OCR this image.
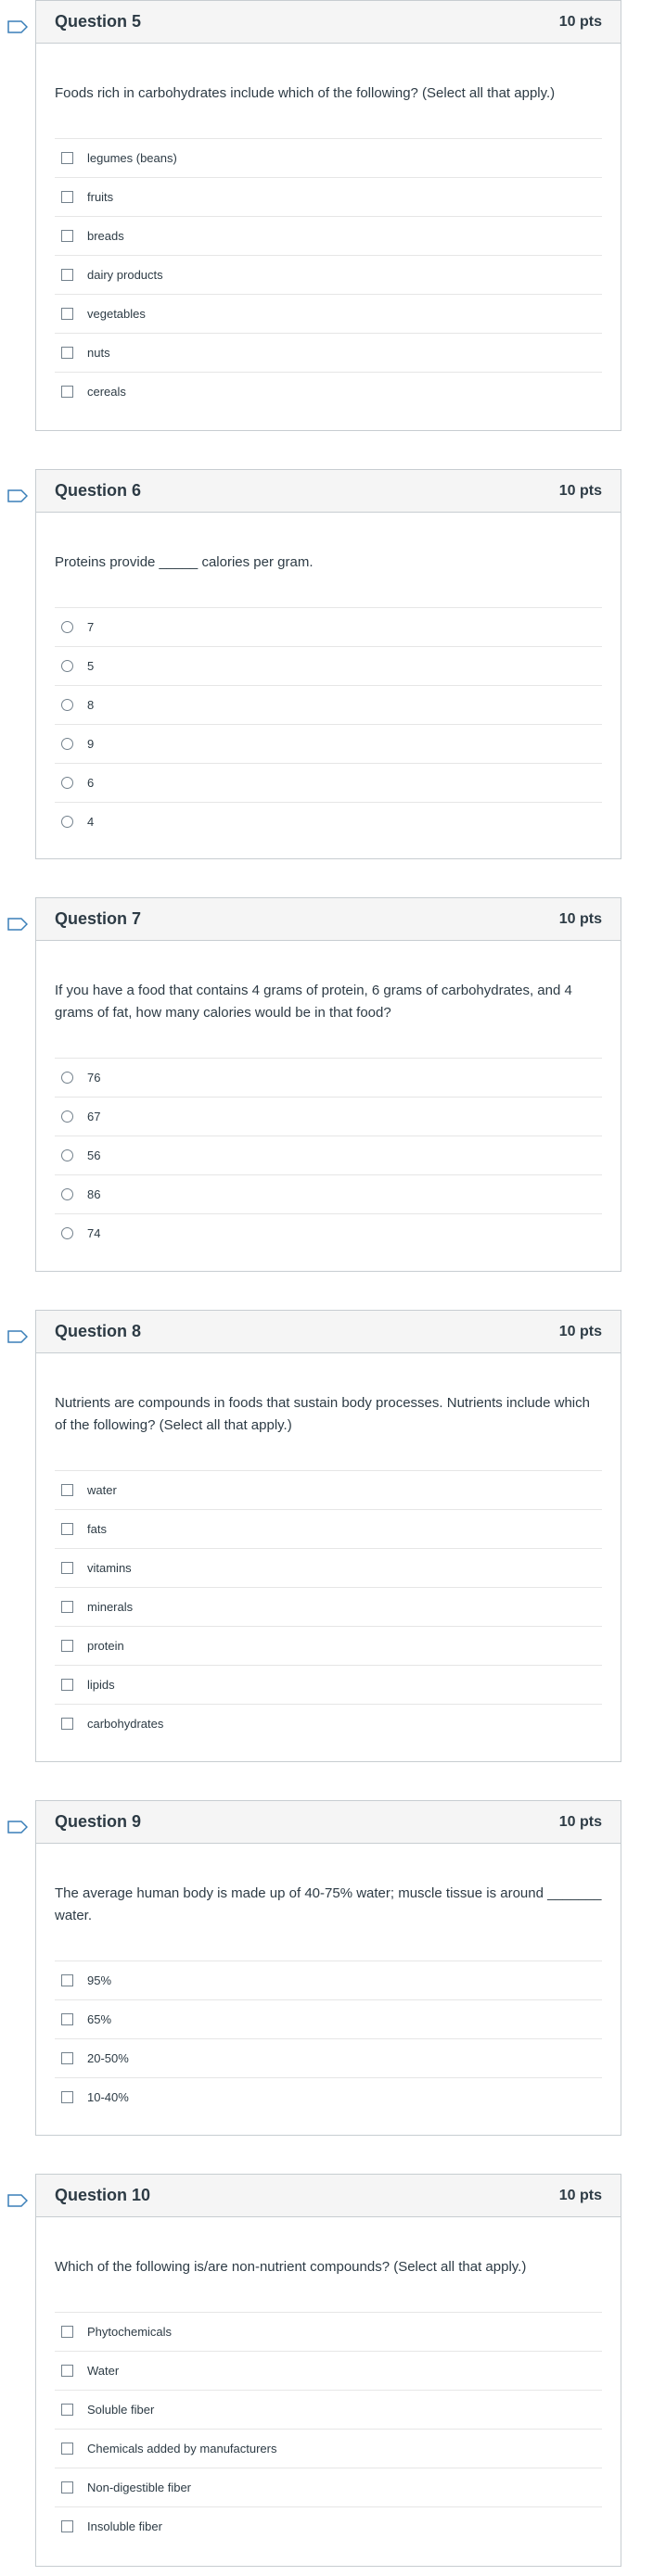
Question 5	10 pts
Foods rich in carbohydrates include which of the following? (Select all that apply.)
legumes (beans)
fruits
breads
dairy products
vegetables
nuts
cereals
Question 6	10 pts
Proteins provide _____ calories per gram.
7
5
8
9
6
4
Question 7	10 pts
If you have a food that contains 4 grams of protein, 6 grams of carbohydrates, and 4 grams of fat, how many calories would be in that food?
76
67
56
86
74
Question 8	10 pts
Nutrients are compounds in foods that sustain body processes. Nutrients include which of the following? (Select all that apply.)
water
fats
vitamins
minerals
protein
lipids
carbohydrates
Question 9	10 pts
The average human body is made up of 40-75% water; muscle tissue is around _______ water.
95%
65%
20-50%
10-40%
Question 10	10 pts
Which of the following is/are non-nutrient compounds? (Select all that apply.)
Phytochemicals
Water
Soluble fiber
Chemicals added by manufacturers
Non-digestible fiber
Insoluble fiber
